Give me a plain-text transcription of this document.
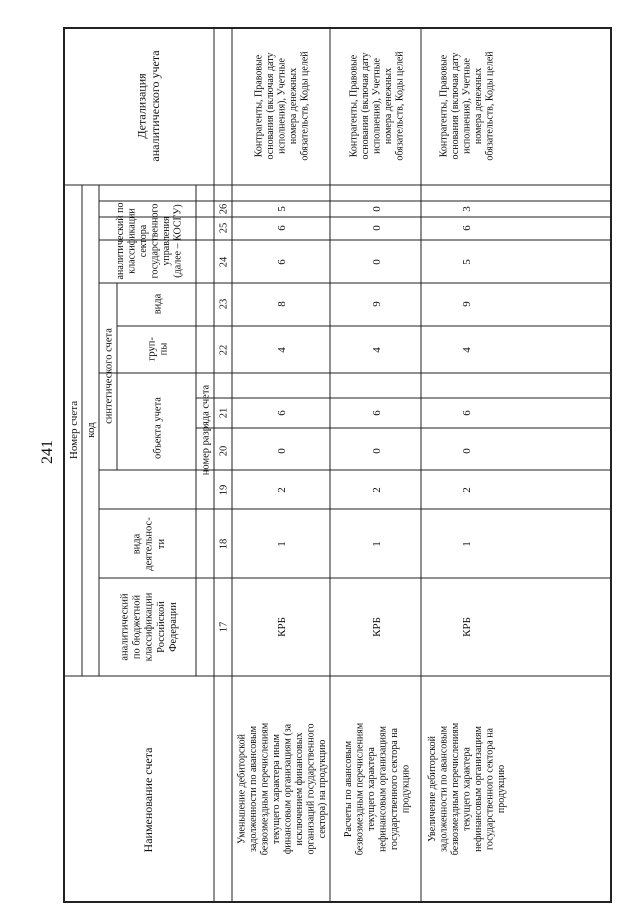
241
Наименование счета
Номер счета код
аналитический по бюджетной классификации Российской Федерации
вида деятельнос- ти
синтетического счета
объекта учета
груп- пы
вида
аналитический по классификации сектора государственного управления (далее – КОСГУ)
номер разряда счета
Детализация аналитического учета
17
18
19
20
21
22
23
24
25
26
Уменьшение дебиторской задолженности по авансовым безвозмездным перечислениям текущего характера иным финансовым организациям (за исключением финансовых организаций государственного сектора) на продукцию
КРБ
1
2
0
6
4
8
6
6
5
Контрагенты, Правовые основания (включая дату исполнения), Учетные номера денежных обязательств, Коды целей
Расчеты по авансовым безвозмездным перечислениям текущего характера нефинансовым организациям государственного сектора на продукцию
КРБ
1
2
0
6
4
9
0
0
0
Контрагенты, Правовые основания (включая дату исполнения), Учетные номера денежных обязательств, Коды целей
Увеличение дебиторской задолженности по авансовым безвозмездным перечислениям текущего характера нефинансовым организациям государственного сектора на продукцию
КРБ
1
2
0
6
4
9
5
6
3
Контрагенты, Правовые основания (включая дату исполнения), Учетные номера денежных обязательств, Коды целей
